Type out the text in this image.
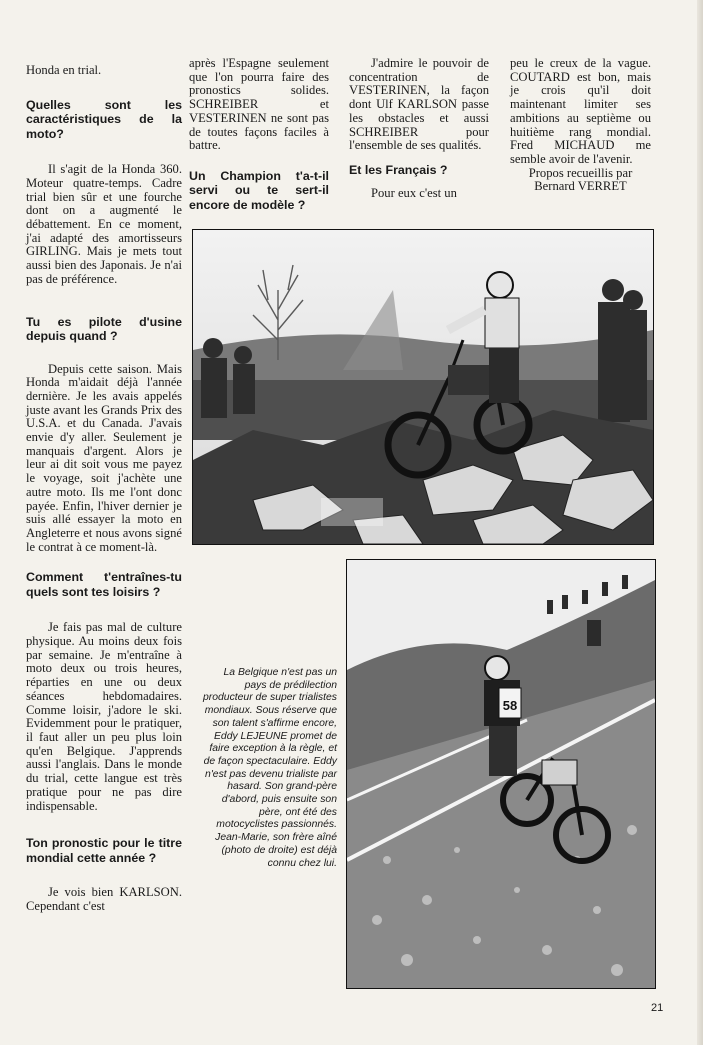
Honda en trial.

Quelles sont les caractéristiques de la moto?

Il s'agit de la Honda 360. Moteur quatre-temps. Cadre trial bien sûr et une fourche dont on a augmenté le débattement. En ce moment, j'ai adapté des amortisseurs GIRLING. Mais je mets tout aussi bien des Japonais. Je n'ai pas de préférence.

Tu es pilote d'usine depuis quand ?

Depuis cette saison. Mais Honda m'aidait déjà l'année dernière. Je les avais appelés juste avant les Grands Prix des U.S.A. et du Canada. J'avais envie d'y aller. Seulement je manquais d'argent. Alors je leur ai dit soit vous me payez le voyage, soit j'achète une autre moto. Ils me l'ont donc payée. Enfin, l'hiver dernier je suis allé essayer la moto en Angleterre et nous avons signé le contrat à ce moment-là.

Comment t'entraînes-tu quels sont tes loisirs ?

Je fais pas mal de culture physique. Au moins deux fois par semaine. Je m'entraîne à moto deux ou trois heures, réparties en une ou deux séances hebdomadaires. Comme loisir, j'adore le ski. Evidemment pour le pratiquer, il faut aller un peu plus loin qu'en Belgique. J'apprends aussi l'anglais. Dans le monde du trial, cette langue est très pratique pour ne pas dire indispensable.

Ton pronostic pour le titre mondial cette année ?

Je vois bien KARLSON. Cependant c'est

après l'Espagne seulement que l'on pourra faire des pronostics solides. SCHREIBER et VESTERINEN ne sont pas de toutes façons faciles à battre.

Un Champion t'a-t-il servi ou te sert-il encore de modèle ?

J'admire le pouvoir de concentration de VESTERINEN, la façon dont Ulf KARLSON passe les obstacles et aussi SCHREIBER pour l'ensemble de ses qualités.

Et les Français ?

Pour eux c'est un

peu le creux de la vague. COUTARD est bon, mais je crois qu'il doit maintenant limiter ses ambitions au septième ou huitième rang mondial. Fred MICHAUD me semble avoir de l'avenir.

Propos recueillis par

Bernard VERRET

58
La Belgique n'est pas un pays de prédilection producteur de super trialistes mondiaux. Sous réserve que son talent s'affirme encore, Eddy LEJEUNE promet de faire exception à la règle, et de façon spectaculaire. Eddy n'est pas devenu trialiste par hasard. Son grand-père d'abord, puis ensuite son père, ont été des motocyclistes passionnés. Jean-Marie, son frère aîné (photo de droite) est déjà connu chez lui.
21
